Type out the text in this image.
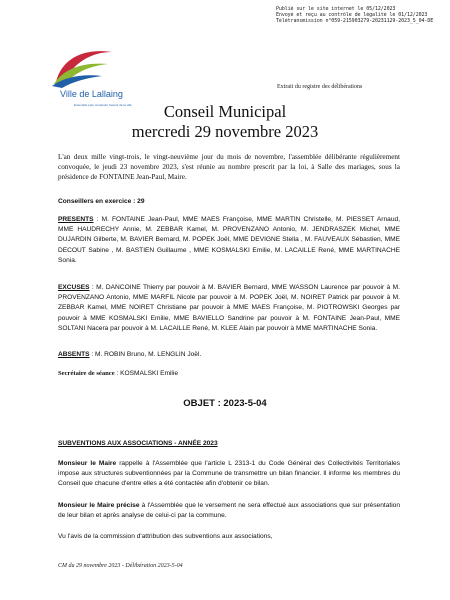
Publié sur le site internet le 05/12/2023
Envoyé et reçu au contrôle de légalité le 01/12/2023
Télétransmission n°059-215903279-20231129-2023_5_04-DE
Ville de Lallaing
Ensemble pour construire l'avenir de la ville
Extrait du registre des délibérations
Conseil Municipal
mercredi 29 novembre 2023
L'an deux mille vingt-trois, le vingt-neuvième jour du mois de novembre, l'assemblée délibérante régulièrement convoquée, le jeudi 23 novembre 2023, s'est réunie au nombre prescrit par la loi, à Salle des mariages, sous la présidence de FONTAINE Jean-Paul, Maire.
Conseillers en exercice : 29
PRESENTS : M. FONTAINE Jean-Paul, MME MAES Françoise, MME MARTIN Christelle, M. PIESSET Arnaud, MME HAUDRECHY Annie, M. ZEBBAR Kamel, M. PROVENZANO Antonio, M. JENDRASZEK Michel, MME DUJARDIN Gilberte, M. BAVIER Bernard, M. POPEK Joël, MME DEVIGNE Stella , M. FAUVEAUX Sébastien, MME DECOUT Sabine , M. BASTIEN Guillaume , MME KOSMALSKI Emilie, M. LACAILLE René, MME MARTINACHE Sonia.
EXCUSES : M. DANCOINE Thierry par pouvoir à M. BAVIER Bernard, MME WASSON Laurence par pouvoir à M. PROVENZANO Antonio, MME MARFIL Nicole par pouvoir à M. POPEK Joël, M. NOIRET Patrick par pouvoir à M. ZEBBAR Kamel, MME NOIRET Christiane par pouvoir à MME MAES Françoise, M. PIOTROWSKI Georges par pouvoir à MME KOSMALSKI Emilie, MME BAVIELLO Sandrine par pouvoir à M. FONTAINE Jean-Paul, MME SOLTANI Nacera par pouvoir à M. LACAILLE René, M. KLEE Alain par pouvoir à MME MARTINACHE Sonia.
ABSENTS : M. ROBIN Bruno, M. LENGLIN Joël.
Secrétaire de séance : KOSMALSKI Emilie
OBJET : 2023-5-04
SUBVENTIONS AUX ASSOCIATIONS - ANNÉE 2023
Monsieur le Maire rappelle à l'Assemblée que l'article L 2313-1 du Code Général des Collectivités Territoriales impose aux structures subventionnées par la Commune de transmettre un bilan financier. Il informe les membres du Conseil que chacune d'entre elles a été contactée afin d'obtenir ce bilan.
Monsieur le Maire précise à l'Assemblée que le versement ne sera effectué aux associations que sur présentation de leur bilan et après analyse de celui-ci par la commune.
Vu l'avis de la commission d'attribution des subventions aux associations,
CM du 29 novembre 2023 - Délibération 2023-5-04
